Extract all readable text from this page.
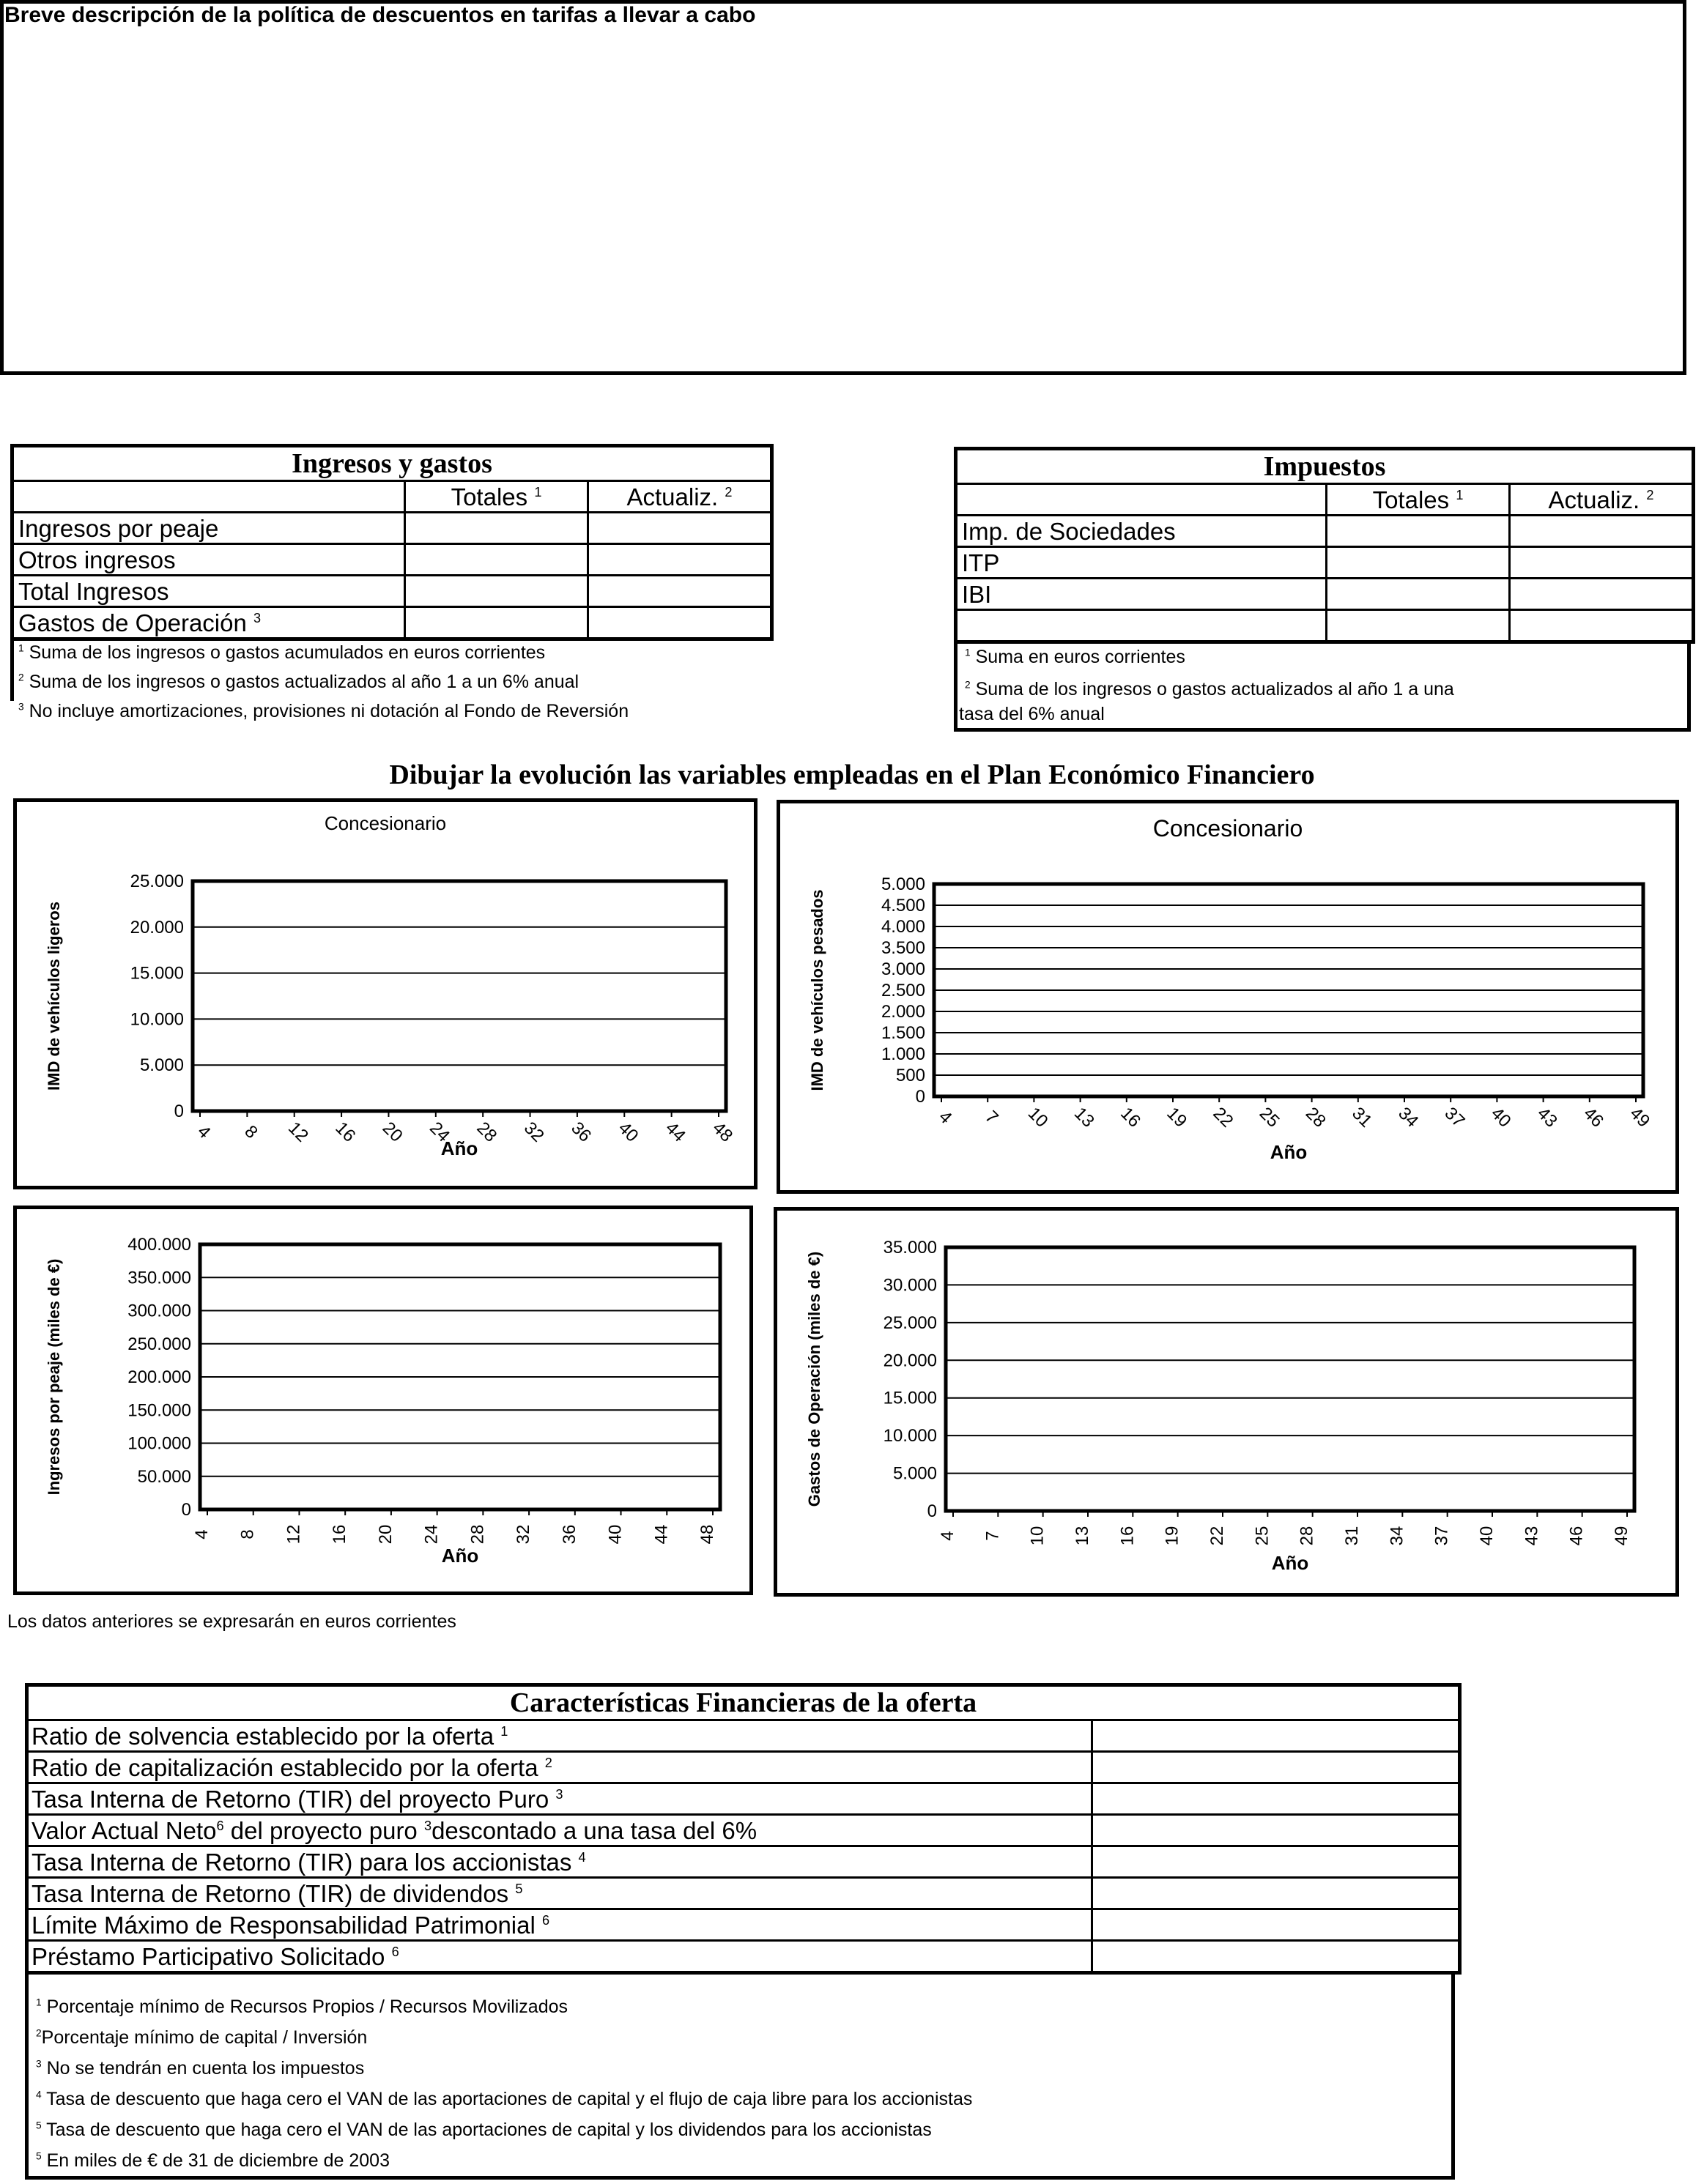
Breve descripción de la política de descuentos en tarifas a llevar a cabo
Ingresos y gastos		
	Totales $^1$	Actualiz. $^2$
Ingresos por peaje		
Otros ingresos		
Total Ingresos		
Gastos de Operación $^3$		
$^1$ Suma de los ingresos o gastos acumulados en euros corrientes
$^2$ Suma de los ingresos o gastos actualizados al año 1 a un 6% anual
$^3$ No incluye amortizaciones, provisiones ni dotación al Fondo de Reversión
Impuestos		
	Totales $^1$	Actualiz. $^2$
Imp. de Sociedades		
ITP		
IBI		

$^1$ Suma en euros corrientes
$^2$ Suma de los ingresos o gastos actualizados al año 1 a una
tasa del 6% anual
Dibujar la evolución las variables empleadas en el Plan Económico Financiero
Concesionario
25.000
20.000
15.000
10.000
5.000
0
4 8 12 16 20 24 28 32 36 40 44 48
Año
IMD de vehículos ligeros
Concesionario
5.000
4.500
4.000
3.500
3.000
2.500
2.000
1.500
1.000
500
0
4 7 10 13 16 19 22 25 28 31 34 37 40 43 46 49
Año
IMD de vehículos pesados
400.000
350.000
300.000
250.000
200.000
150.000
100.000
50.000
0
4 8 12 16 20 24 28 32 36 40 44 48
Año
Ingresos por peaje (miles de €)
35.000
30.000
25.000
20.000
15.000
10.000
5.000
0
4 7 10 13 16 19 22 25 28 31 34 37 40 43 46 49
Año
Gastos de Operación (miles de €)
Los datos anteriores se expresarán en euros corrientes
Características Financieras de la oferta	
Ratio de solvencia establecido por la oferta $^1$	
Ratio de capitalización establecido por la oferta $^2$	
Tasa Interna de Retorno (TIR) del proyecto Puro $^3$	
Valor Actual Neto$^6$ del proyecto puro $^3$descontado a una tasa del 6%	
Tasa Interna de Retorno (TIR) para los accionistas $^4$	
Tasa Interna de Retorno (TIR) de dividendos $^5$	
Límite Máximo de Responsabilidad Patrimonial $^6$	
Préstamo Participativo Solicitado $^6$	
$^1$ Porcentaje mínimo de Recursos Propios / Recursos Movilizados
$^2$Porcentaje mínimo de capital / Inversión
$^3$ No se tendrán en cuenta los impuestos
$^4$ Tasa de descuento que haga cero el VAN de las aportaciones de capital y el flujo de caja libre para los accionistas
$^5$ Tasa de descuento que haga cero el VAN de las aportaciones de capital y los dividendos para los accionistas
$^5$ En miles de € de 31 de diciembre de 2003
